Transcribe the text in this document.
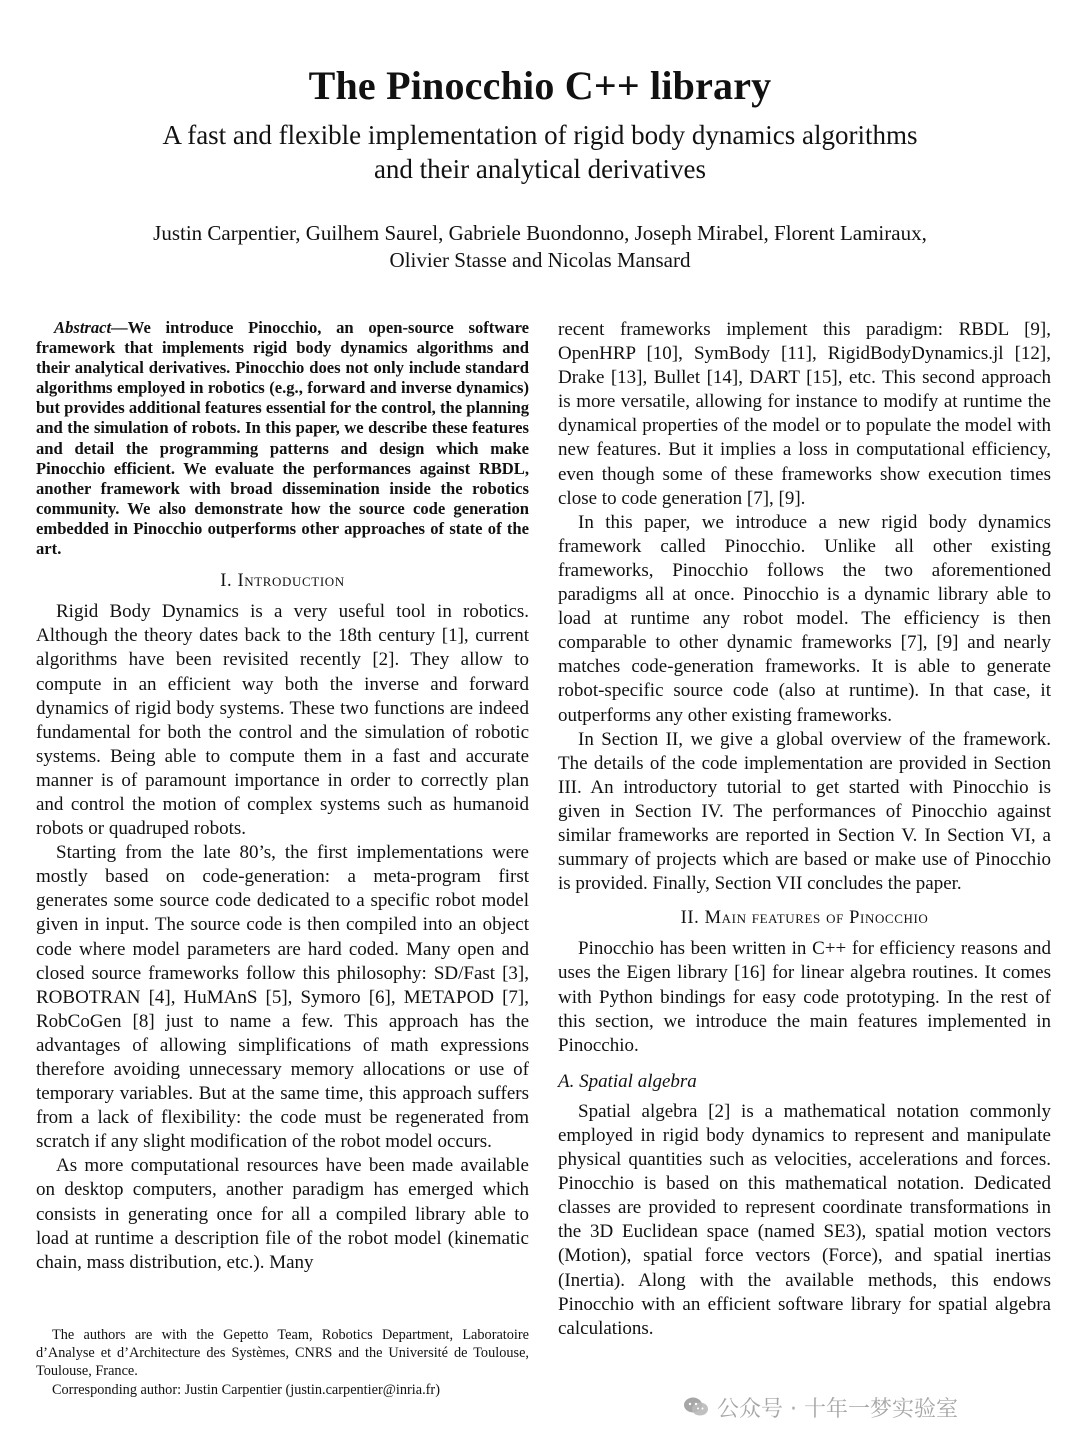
The Pinocchio C++ library
A fast and flexible implementation of rigid body dynamics algorithms
and their analytical derivatives
Justin Carpentier, Guilhem Saurel, Gabriele Buondonno, Joseph Mirabel, Florent Lamiraux,
Olivier Stasse and Nicolas Mansard

Abstract—We introduce Pinocchio, an open-source software framework that implements rigid body dynamics algorithms and their analytical derivatives. Pinocchio does not only include standard algorithms employed in robotics (e.g., forward and inverse dynamics) but provides additional features essential for the control, the planning and the simulation of robots. In this paper, we describe these features and detail the programming patterns and design which make Pinocchio efficient. We evaluate the performances against RBDL, another framework with broad dissemination inside the robotics community. We also demonstrate how the source code generation embedded in Pinocchio outperforms other approaches of state of the art.

I. Introduction

Rigid Body Dynamics is a very useful tool in robotics. Although the theory dates back to the 18th century [1], current algorithms have been revisited recently [2]. They allow to compute in an efficient way both the inverse and forward dynamics of rigid body systems. These two functions are indeed fundamental for both the control and the simulation of robotic systems. Being able to compute them in a fast and accurate manner is of paramount importance in order to correctly plan and control the motion of complex systems such as humanoid robots or quadruped robots.

Starting from the late 80’s, the first implementations were mostly based on code-generation: a meta-program first generates some source code dedicated to a specific robot model given in input. The source code is then compiled into an object code where model parameters are hard coded. Many open and closed source frameworks follow this philosophy: SD/Fast [3], ROBOTRAN [4], HuMAnS [5], Symoro [6], METAPOD [7], RobCoGen [8] just to name a few. This approach has the advantages of allowing simplifications of math expressions therefore avoiding unnecessary memory allocations or use of temporary variables. But at the same time, this approach suffers from a lack of flexibility: the code must be regenerated from scratch if any slight modification of the robot model occurs.

As more computational resources have been made available on desktop computers, another paradigm has emerged which consists in generating once for all a compiled library able to load at runtime a description file of the robot model (kinematic chain, mass distribution, etc.). Many

The authors are with the Gepetto Team, Robotics Department, Laboratoire d’Analyse et d’Architecture des Systèmes, CNRS and the Université de Toulouse, Toulouse, France.

Corresponding author: Justin Carpentier (justin.carpentier@inria.fr)

recent frameworks implement this paradigm: RBDL [9], OpenHRP [10], SymBody [11], RigidBodyDynamics.jl [12], Drake [13], Bullet [14], DART [15], etc. This second approach is more versatile, allowing for instance to modify at runtime the dynamical properties of the model or to populate the model with new features. But it implies a loss in computational efficiency, even though some of these frameworks show execution times close to code generation [7], [9].

In this paper, we introduce a new rigid body dynamics framework called Pinocchio. Unlike all other existing frameworks, Pinocchio follows the two aforementioned paradigms all at once. Pinocchio is a dynamic library able to load at runtime any robot model. The efficiency is then comparable to other dynamic frameworks [7], [9] and nearly matches code-generation frameworks. It is able to generate robot-specific source code (also at runtime). In that case, it outperforms any other existing frameworks.

In Section II, we give a global overview of the framework. The details of the code implementation are provided in Section III. An introductory tutorial to get started with Pinocchio is given in Section IV. The performances of Pinocchio against similar frameworks are reported in Section V. In Section VI, a summary of projects which are based or make use of Pinocchio is provided. Finally, Section VII concludes the paper.

II. Main features of Pinocchio

Pinocchio has been written in C++ for efficiency reasons and uses the Eigen library [16] for linear algebra routines. It comes with Python bindings for easy code prototyping. In the rest of this section, we introduce the main features implemented in Pinocchio.

A. Spatial algebra

Spatial algebra [2] is a mathematical notation commonly employed in rigid body dynamics to represent and manipulate physical quantities such as velocities, accelerations and forces. Pinocchio is based on this mathematical notation. Dedicated classes are provided to represent coordinate transformations in the 3D Euclidean space (named SE3), spatial motion vectors (Motion), spatial force vectors (Force), and spatial inertias (Inertia). Along with the available methods, this endows Pinocchio with an efficient software library for spatial algebra calculations.

公众号 · 十年一梦实验室
